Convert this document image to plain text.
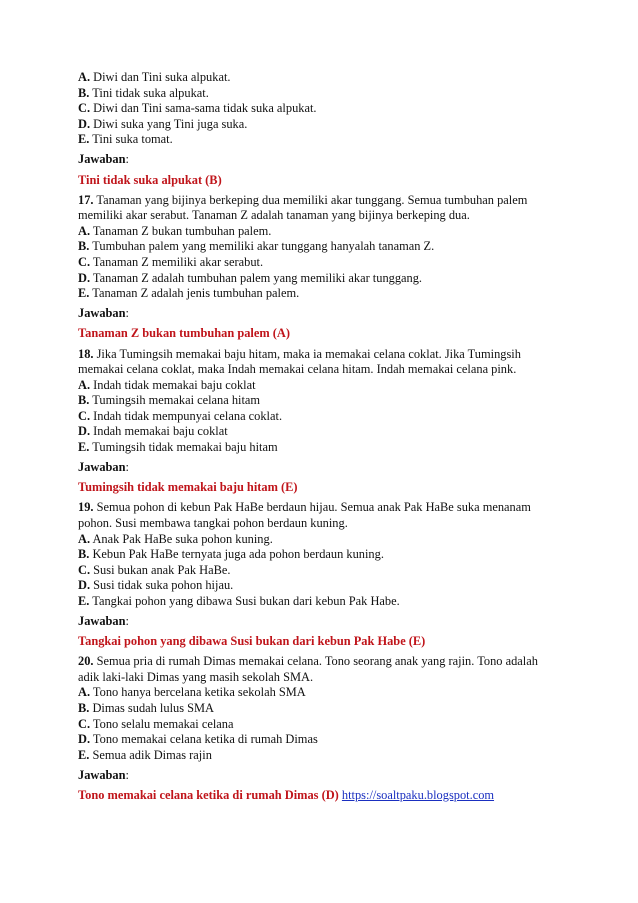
A. Diwi dan Tini suka alpukat.
B. Tini tidak suka alpukat.
C. Diwi dan Tini sama-sama tidak suka alpukat.
D. Diwi suka yang Tini juga suka.
E. Tini suka tomat.
Jawaban:
Tini tidak suka alpukat (B)
17. Tanaman yang bijinya berkeping dua memiliki akar tunggang. Semua tumbuhan palem
memiliki akar serabut. Tanaman Z adalah tanaman yang bijinya berkeping dua.
A. Tanaman Z bukan tumbuhan palem.
B. Tumbuhan palem yang memiliki akar tunggang hanyalah tanaman Z.
C. Tanaman Z memiliki akar serabut.
D. Tanaman Z adalah tumbuhan palem yang memiliki akar tunggang.
E. Tanaman Z adalah jenis tumbuhan palem.
Jawaban:
Tanaman Z bukan tumbuhan palem (A)
18. Jika Tumingsih memakai baju hitam, maka ia memakai celana coklat. Jika Tumingsih
memakai celana coklat, maka Indah memakai celana hitam. Indah memakai celana pink.
A. Indah tidak memakai baju coklat
B. Tumingsih memakai celana hitam
C. Indah tidak mempunyai celana coklat.
D. Indah memakai baju coklat
E. Tumingsih tidak memakai baju hitam
Jawaban:
Tumingsih tidak memakai baju hitam (E)
19. Semua pohon di kebun Pak HaBe berdaun hijau. Semua anak Pak HaBe suka menanam
pohon. Susi membawa tangkai pohon berdaun kuning.
A. Anak Pak HaBe suka pohon kuning.
B. Kebun Pak HaBe ternyata juga ada pohon berdaun kuning.
C. Susi bukan anak Pak HaBe.
D. Susi tidak suka pohon hijau.
E. Tangkai pohon yang dibawa Susi bukan dari kebun Pak Habe.
Jawaban:
Tangkai pohon yang dibawa Susi bukan dari kebun Pak Habe (E)
20. Semua pria di rumah Dimas memakai celana. Tono seorang anak yang rajin. Tono adalah
adik laki-laki Dimas yang masih sekolah SMA.
A. Tono hanya bercelana ketika sekolah SMA
B. Dimas sudah lulus SMA
C. Tono selalu memakai celana
D. Tono memakai celana ketika di rumah Dimas
E. Semua adik Dimas rajin
Jawaban:
Tono memakai celana ketika di rumah Dimas (D) https://soaltpaku.blogspot.com
